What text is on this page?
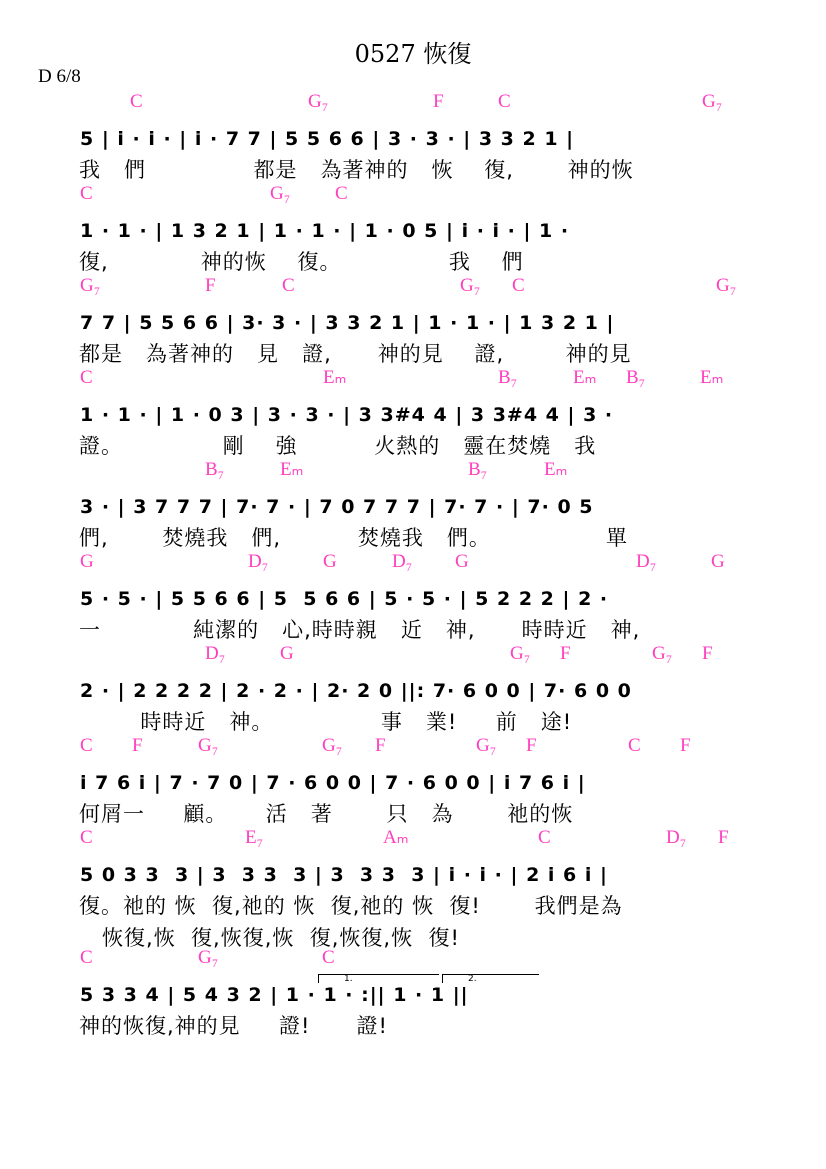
0527 恢復
D 6/8
C	G₇	F	C	G₇
5 | i · i · | i · 7 7 | 5 5 6 6 | 3 · 3 · | 3 3 2 1 |
我   們              都是   為著神的   恢    復,       神的恢
C	G₇ C
1 · 1 · | 1 3 2 1 | 1 · 1 · | 1 · 0 5 | i · i · | 1 ·
復,            神的恢    復。              我    們
G₇	F	C	G₇ C	G₇
7 7 | 5 5 6 6 | 3· 3 · | 3 3 2 1 | 1 · 1 · | 1 3 2 1 |
都是   為著神的   見   證,      神的見    證,        神的見
C	Eₘ	B₇	Eₘ B₇	Eₘ
1 · 1 · | 1 · 0 3 | 3 · 3 · | 3 3#4 4 | 3 3#4 4 | 3 ·
證。             剛    強          火熱的   靈在焚燒   我
B₇	Eₘ	B₇	Eₘ
3 · | 3 7 7 7 | 7· 7 · | 7 0 7 7 7 | 7· 7 · | 7· 0 5
們,       焚燒我   們,          焚燒我   們。               單
G	D₇	G	D₇ G	D₇	G
5 · 5 · | 5 5 6 6 | 5  5 6 6 | 5 · 5 · | 5 2 2 2 | 2 ·
一            純潔的   心,時時親   近   神,      時時近   神,
D₇	G	G₇ F	G₇ F
2 · | 2 2 2 2 | 2 · 2 · | 2· 2 0 ||: 7· 6 0 0 | 7· 6 0 0
時時近   神。              事   業!     前   途!
C F	G₇	G₇ F	G₇ F	C F
i 7 6 i | 7 · 7 0 | 7 · 6 0 0 | 7 · 6 0 0 | i 7 6 i |
何屑一     顧。     活   著       只   為       祂的恢
C	E₇	Aₘ	C	D₇ F
5 0 3 3  3 | 3  3 3  3 | 3  3 3  3 | i · i · | 2 i 6 i |
復。祂的 恢  復,祂的 恢  復,祂的 恢  復!       我們是為
恢復,恢  復,恢復,恢  復,恢復,恢  復!
C	G₇	C
5 3 3 4 | 5 4 3 2 | 1 · 1 · :|| 1 · 1 ||
神的恢復,神的見     證!      證!
1.	2.
